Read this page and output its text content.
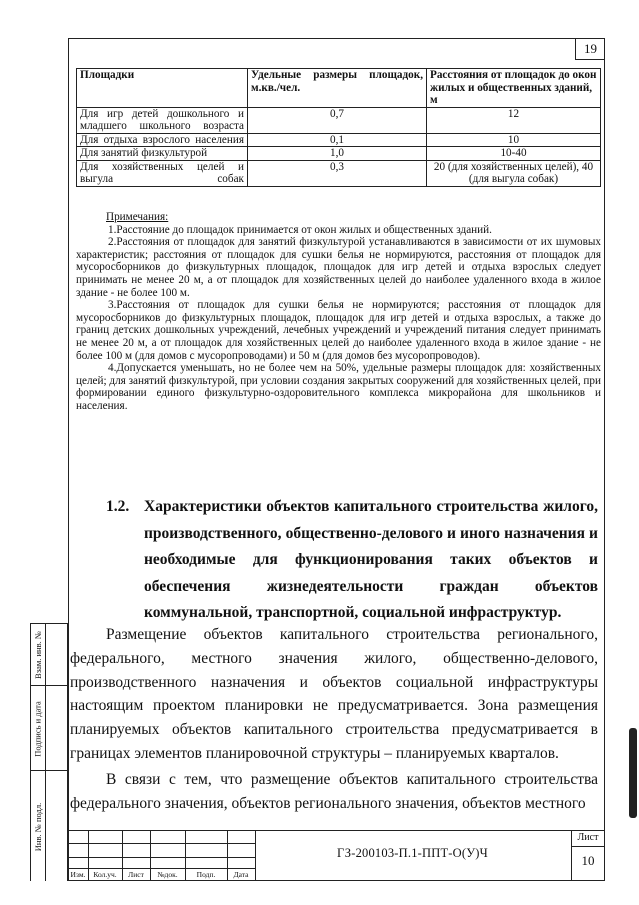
19
Площадки	Удельные размеры площадок, м.кв./чел.	Расстояния от площадок до окон жилых и общественных зданий, м
Для игр детей дошкольного и младшего школьного возраста	0,7	12
Для отдыха взрослого населения	0,1	10
Для занятий физкультурой	1,0	10-40
Для хозяйственных целей и выгула собак	0,3	20 (для хозяйственных целей), 40 (для выгула собак)

Примечания:

1.Расстояние до площадок принимается от окон жилых и общественных зданий.

2.Расстояния от площадок для занятий физкультурой устанавливаются в зависимости от их шумовых характеристик; расстояния от площадок для сушки белья не нормируются, расстояния от площадок для мусоросборников до физкультурных площадок, площадок для игр детей и отдыха взрослых следует принимать не менее 20 м, а от площадок для хозяйственных целей до наиболее удаленного входа в жилое здание - не более 100 м.

3.Расстояния от площадок для сушки белья не нормируются; расстояния от площадок для мусоросборников до физкультурных площадок, площадок для игр детей и отдыха взрослых, а также до границ детских дошкольных учреждений, лечебных учреждений и учреждений питания следует принимать не менее 20 м, а от площадок для хозяйственных целей до наиболее удаленного входа в жилое здание - не более 100 м (для домов с мусоропроводами) и 50 м (для домов без мусоропроводов).

4.Допускается уменьшать, но не более чем на 50%, удельные размеры площадок для: хозяйственных целей; для занятий физкультурой, при условии создания закрытых сооружений для хозяйственных целей, при формировании единого физкультурно-оздоровительного комплекса микрорайона для школьников и населения.

1.2. Характеристики объектов капитального строительства жилого, производственного, общественно-делового и иного назначения и необходимые для функционирования таких объектов и обеспечения жизнедеятельности граждан объектов коммунальной, транспортной, социальной инфраструктур.

Размещение объектов капитального строительства регионального, федерального, местного значения жилого, общественно-делового, производственного назначения и объектов социальной инфраструктуры настоящим проектом планировки не предусматривается. Зона размещения планируемых объектов капитального строительства предусматривается в границах элементов планировочной структуры – планируемых кварталов.

В связи с тем, что размещение объектов капитального строительства федерального значения, объектов регионального значения, объектов местного

Взам. инв. №
Подпись и дата
Инв. № подл.
Изм.	Кол.уч.	Лист	№док.	Подп.	Дата
ГЗ-200103-П.1-ППТ-О(У)Ч
Лист
10
